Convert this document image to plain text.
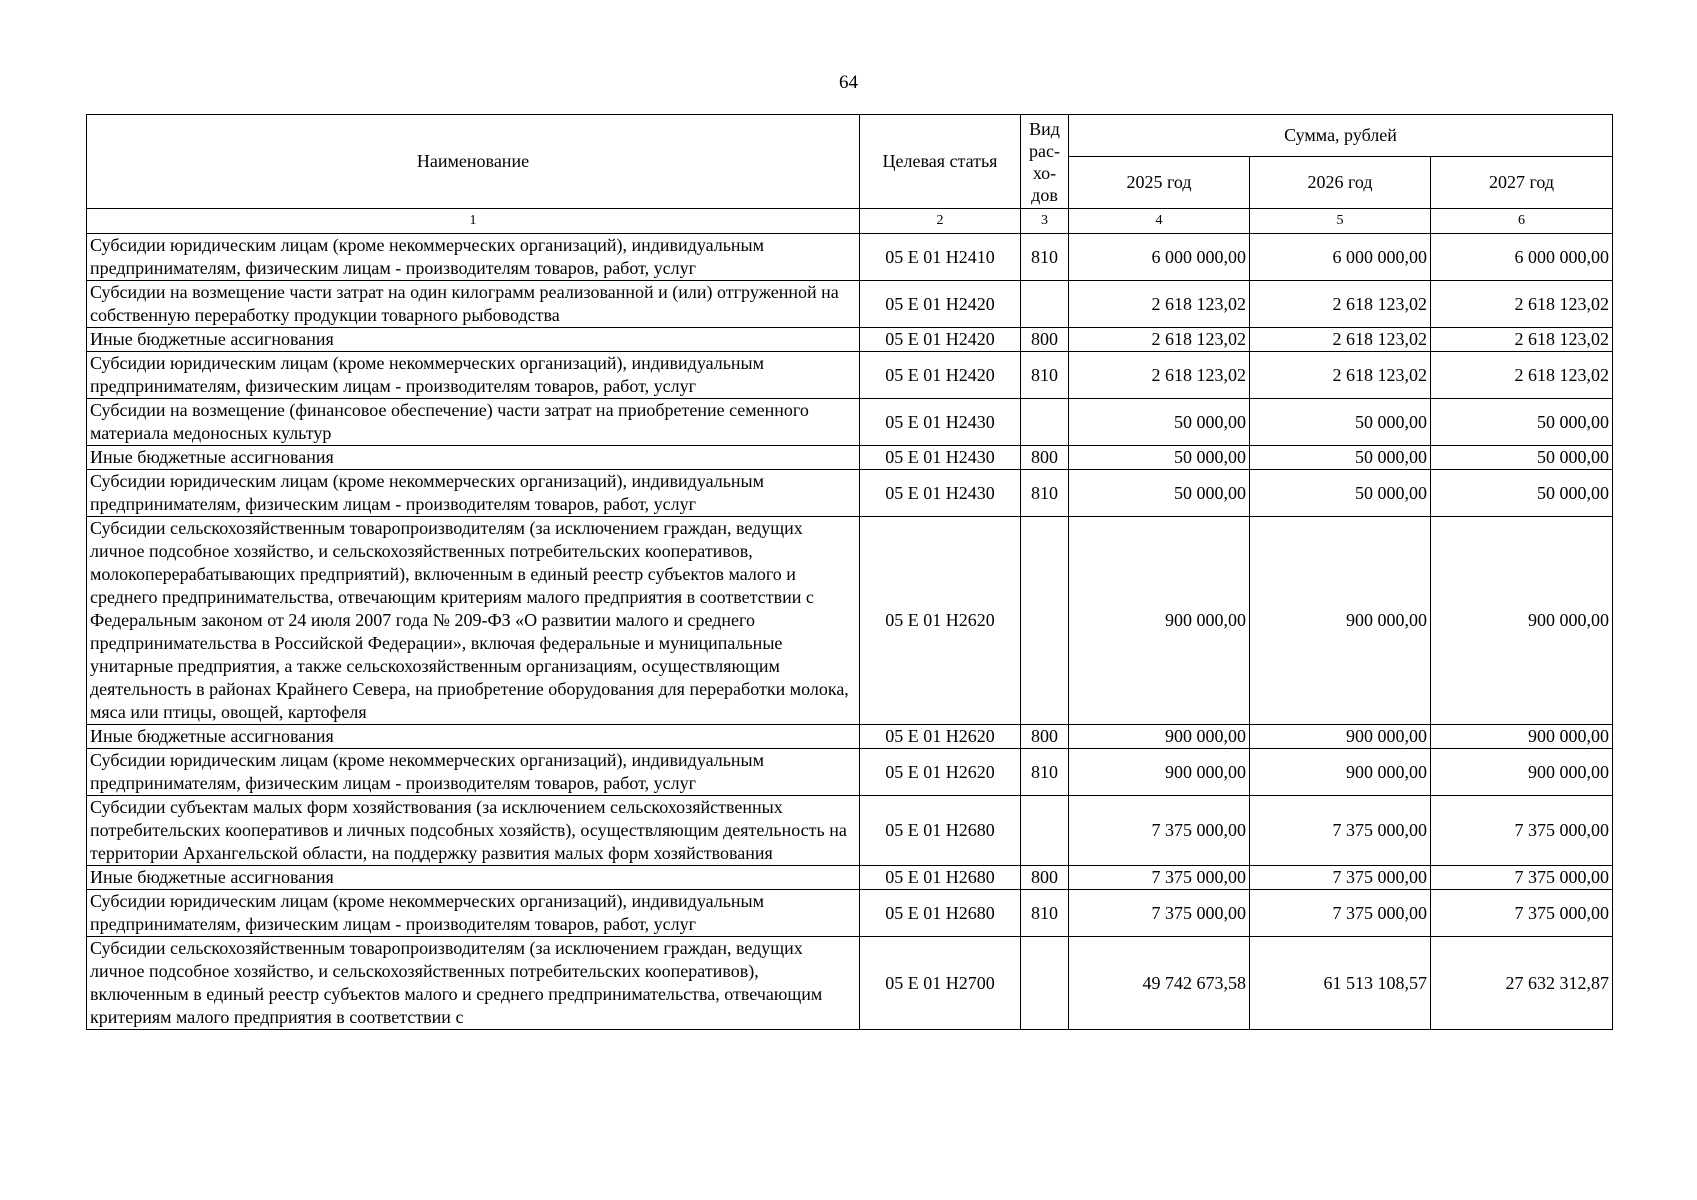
64
Наименование	Целевая статья	Вид рас-хо-дов	Сумма, рублей		
			2025 год	2026 год	2027 год
1	2	3	4	5	6
Субсидии юридическим лицам (кроме некоммерческих организаций), индивидуальным предпринимателям, физическим лицам - производителям товаров, работ, услуг	05 Е 01 Н2410	810	6 000 000,00	6 000 000,00	6 000 000,00
Субсидии на возмещение части затрат на один килограмм реализованной и (или) отгруженной на собственную переработку продукции товарного рыбоводства	05 Е 01 Н2420		2 618 123,02	2 618 123,02	2 618 123,02
Иные бюджетные ассигнования	05 Е 01 Н2420	800	2 618 123,02	2 618 123,02	2 618 123,02
Субсидии юридическим лицам (кроме некоммерческих организаций), индивидуальным предпринимателям, физическим лицам - производителям товаров, работ, услуг	05 Е 01 Н2420	810	2 618 123,02	2 618 123,02	2 618 123,02
Субсидии на возмещение (финансовое обеспечение) части затрат на приобретение семенного материала медоносных культур	05 Е 01 Н2430		50 000,00	50 000,00	50 000,00
Иные бюджетные ассигнования	05 Е 01 Н2430	800	50 000,00	50 000,00	50 000,00
Субсидии юридическим лицам (кроме некоммерческих организаций), индивидуальным предпринимателям, физическим лицам - производителям товаров, работ, услуг	05 Е 01 Н2430	810	50 000,00	50 000,00	50 000,00
Субсидии сельскохозяйственным товаропроизводителям (за исключением граждан, ведущих личное подсобное хозяйство, и сельскохозяйственных потребительских кооперативов, молокоперерабатывающих предприятий), включенным в единый реестр субъектов малого и среднего предпринимательства, отвечающим критериям малого предприятия в соответствии с Федеральным законом от 24 июля 2007 года № 209-ФЗ «О развитии малого и среднего предпринимательства в Российской Федерации», включая федеральные и муниципальные унитарные предприятия, а также сельскохозяйственным организациям, осуществляющим деятельность в районах Крайнего Севера, на приобретение оборудования для переработки молока, мяса или птицы, овощей, картофеля	05 Е 01 Н2620		900 000,00	900 000,00	900 000,00
Иные бюджетные ассигнования	05 Е 01 Н2620	800	900 000,00	900 000,00	900 000,00
Субсидии юридическим лицам (кроме некоммерческих организаций), индивидуальным предпринимателям, физическим лицам - производителям товаров, работ, услуг	05 Е 01 Н2620	810	900 000,00	900 000,00	900 000,00
Субсидии субъектам малых форм хозяйствования (за исключением сельскохозяйственных потребительских кооперативов и личных подсобных хозяйств), осуществляющим деятельность на территории Архангельской области, на поддержку развития малых форм хозяйствования	05 Е 01 Н2680		7 375 000,00	7 375 000,00	7 375 000,00
Иные бюджетные ассигнования	05 Е 01 Н2680	800	7 375 000,00	7 375 000,00	7 375 000,00
Субсидии юридическим лицам (кроме некоммерческих организаций), индивидуальным предпринимателям, физическим лицам - производителям товаров, работ, услуг	05 Е 01 Н2680	810	7 375 000,00	7 375 000,00	7 375 000,00
Субсидии сельскохозяйственным товаропроизводителям (за исключением граждан, ведущих личное подсобное хозяйство, и сельскохозяйственных потребительских кооперативов), включенным в единый реестр субъектов малого и среднего предпринимательства, отвечающим критериям малого предприятия в соответствии с	05 Е 01 Н2700		49 742 673,58	61 513 108,57	27 632 312,87
